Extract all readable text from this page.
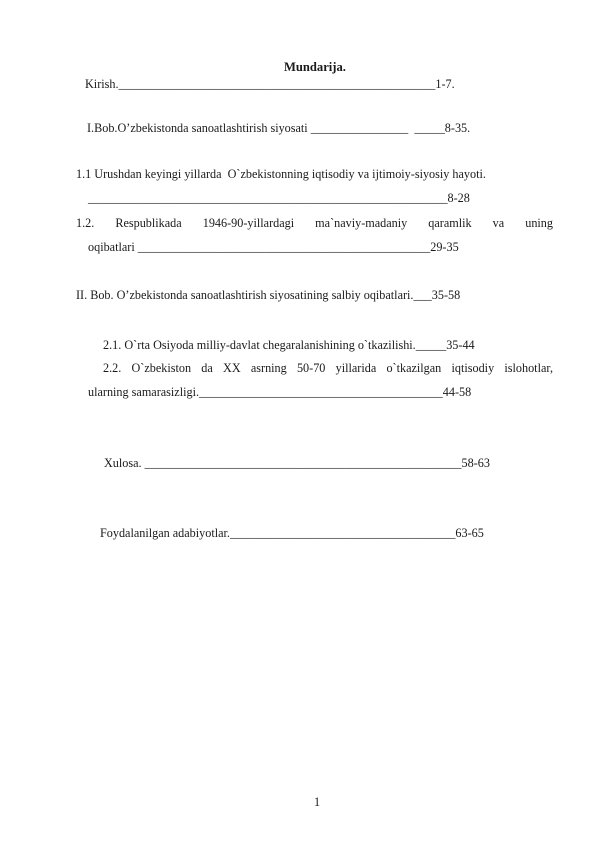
Mundarija.
Kirish.____________________________________________________1-7.
I.Bob.O’zbekistonda sanoatlashtirish siyosati ________________  _____8-35.
1.1 Urushdan keyingi yillarda  O`zbekistonning iqtisodiy va ijtimoiy-siyosiy hayoti.
___________________________________________________________8-28
1.2. Respublikada 1946-90-yillardagi ma`naviy-madaniy qaramlik va uning
oqibatlari ________________________________________________29-35
II. Bob. O’zbekistonda sanoatlashtirish siyosatining salbiy oqibatlari.___35-58
2.1. O`rta Osiyoda milliy-davlat chegaralanishining o`tkazilishi._____35-44
2.2. O`zbekiston da XX asrning 50-70 yillarida o`tkazilgan iqtisodiy islohotlar,
ularning samarasizligi.________________________________________44-58
Xulosa. ____________________________________________________58-63
Foydalanilgan adabiyotlar._____________________________________63-65
1
